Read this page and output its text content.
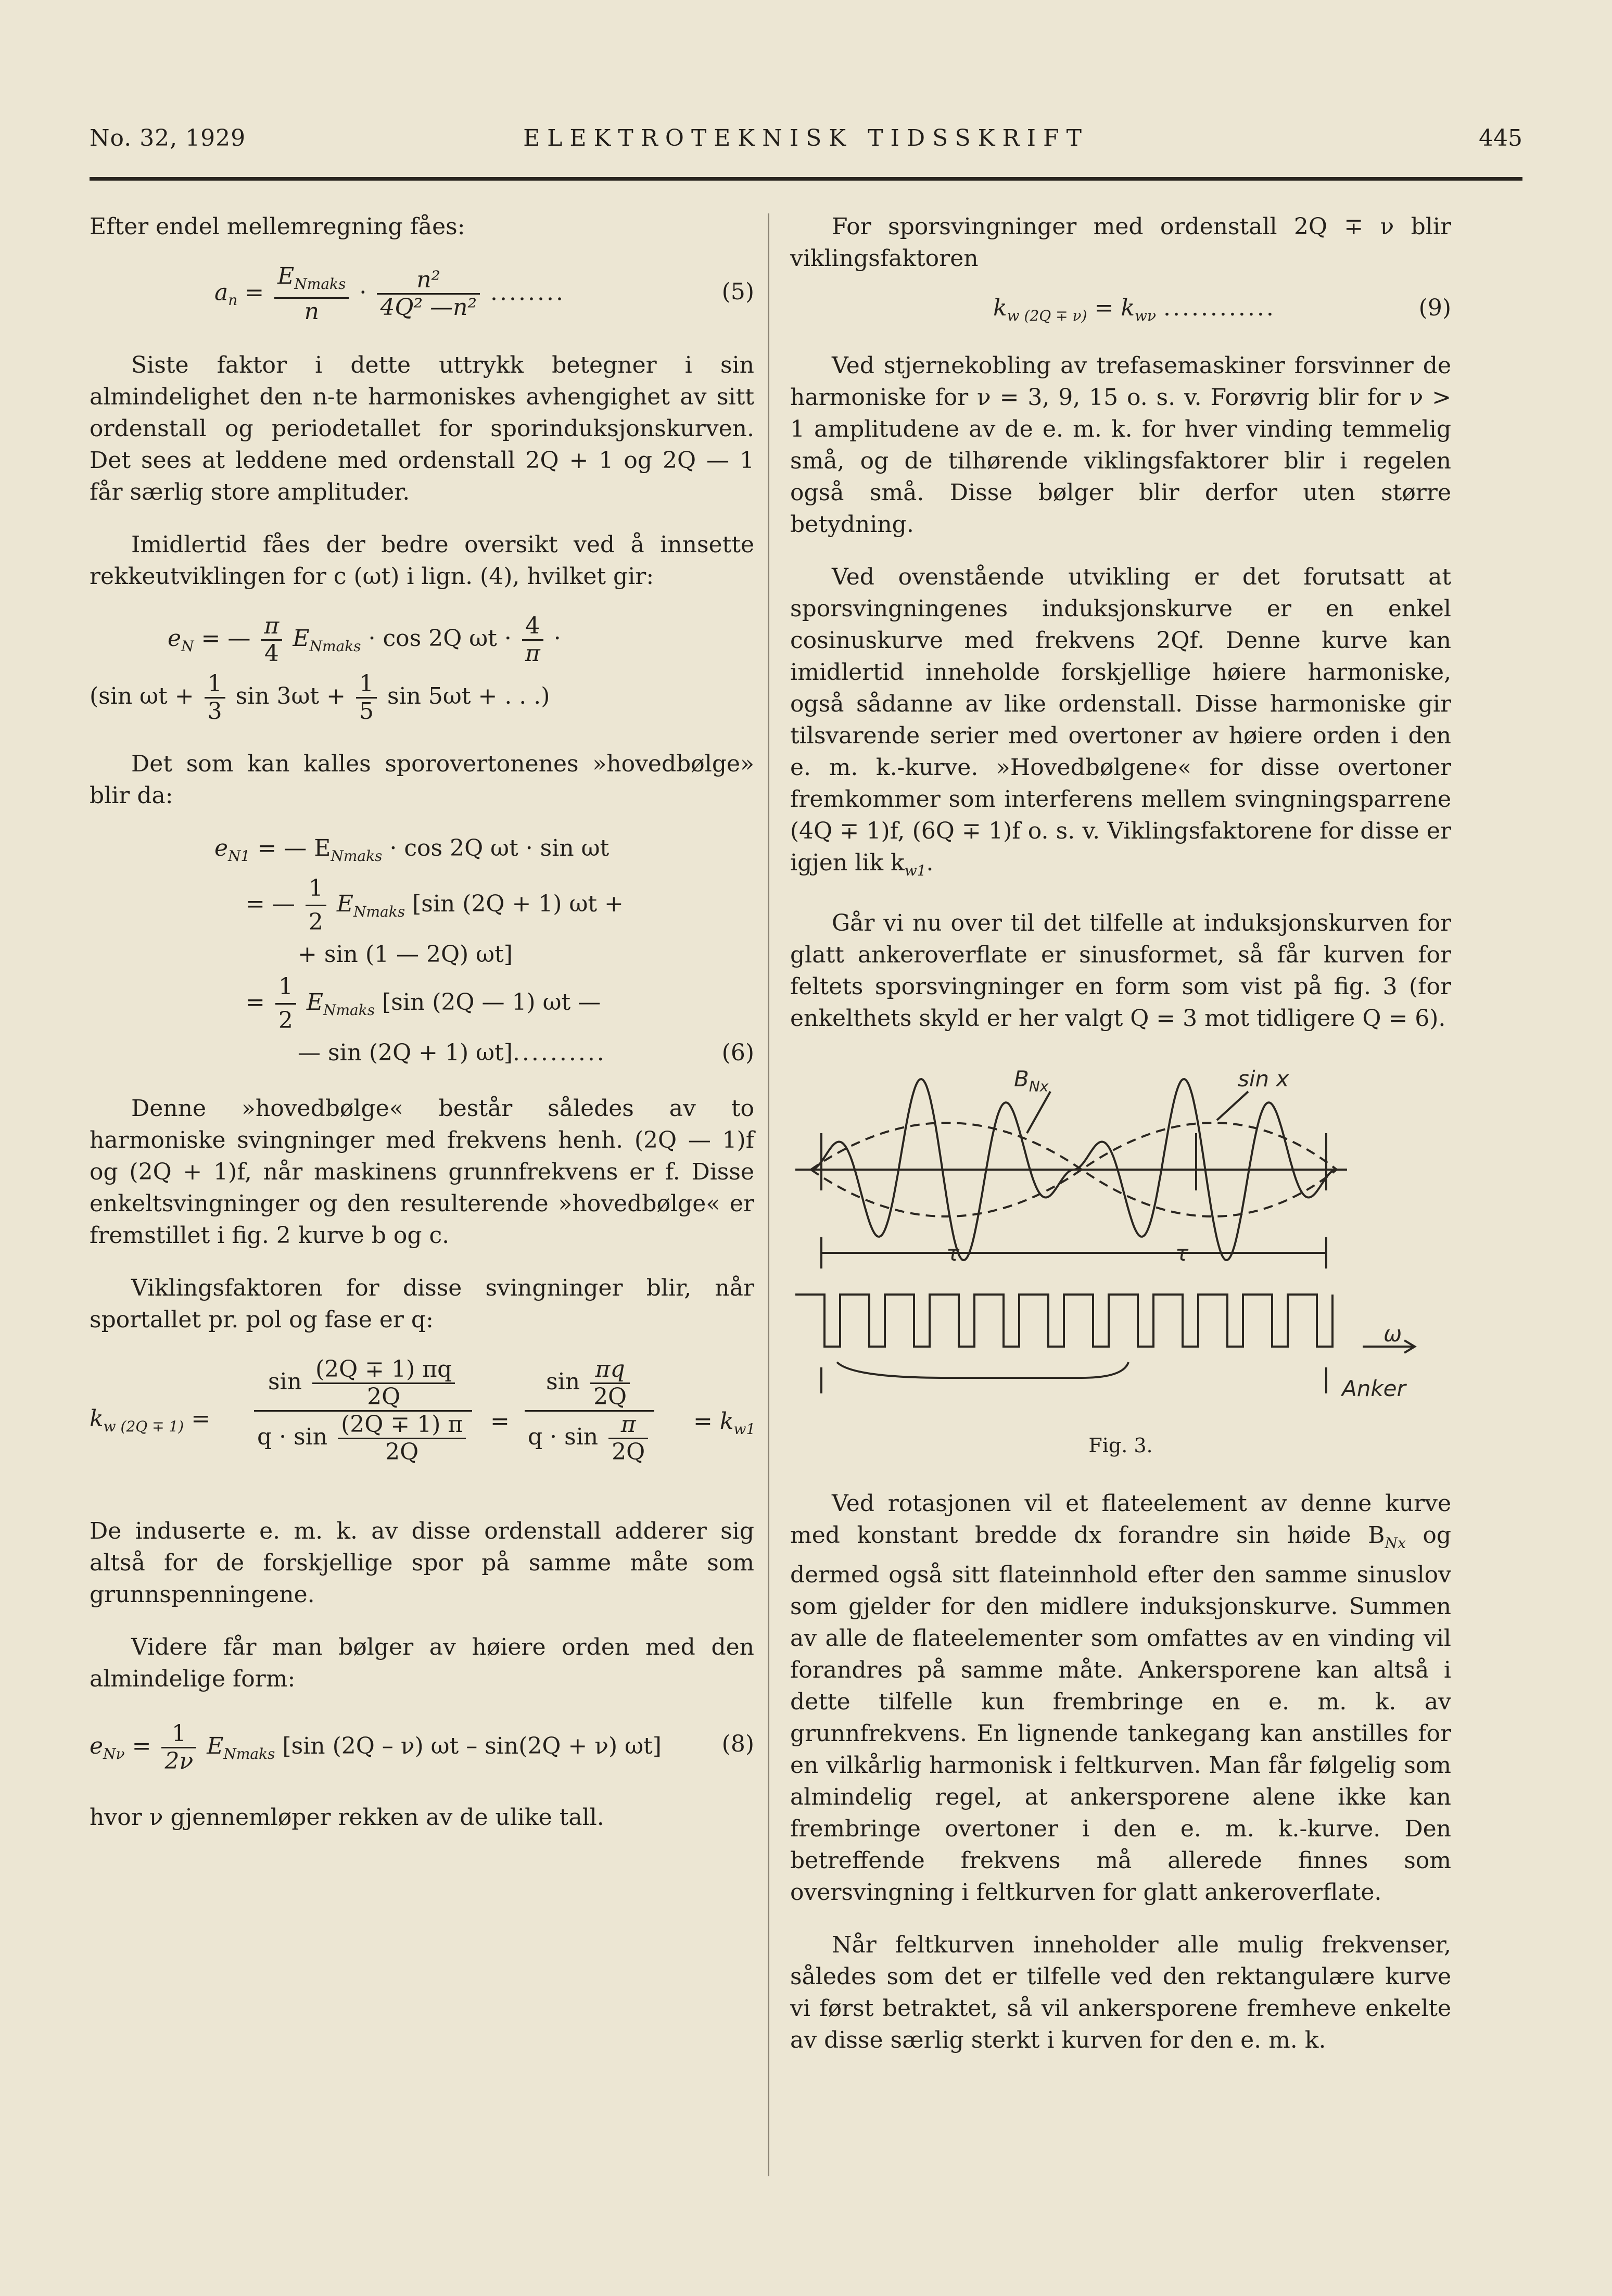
No. 32, 1929	ELEKTROTEKNISK TIDSSKRIFT	445

Efter endel mellemregning fåes:

$a_n = \frac{E_{Nmaks}}{n} \cdot \frac{\text{n²}}{\text{4Q² —n²}}$ ........	(5)

Siste faktor i dette uttrykk betegner i sin almindelighet den n-te harmoniskes avhengighet av sitt ordenstall og periodetallet for sporinduksjonskurven. Det sees at leddene med ordenstall 2Q + 1 og 2Q — 1 får særlig store amplituder.

Imidlertid fåes der bedre oversikt ved å innsette rekkeutviklingen for c (ωt) i lign. (4), hvilket gir:

$e_N$ = — $\frac{\pi}{4} E_{Nmaks} \cdot \cos 2Q$ $\omega t \cdot \frac{4}{\pi}$ ·
(sin $\omega t + \frac{1}{3}$ $\sin 3\omega t + \frac{1}{5}$ sin 5ωt + . . .)

Det som kan kalles sporovertonenes »hovedbølge» blir da:

$e_{N1}$ = — $E_{Nmaks} \cdot \cos 2Q$ ωt · sin ωt
= — $\frac{1}{2} E_{Nmaks}$ [sin (2Q + 1) ωt +
+ sin (1 — 2Q) ωt]
= $\frac{1}{2} E_{Nmaks}$ [sin (2Q — 1) ωt —
— sin (2Q + 1) ωt]..........	(6)

Denne »hovedbølge« består således av to harmoniske svingninger med frekvens henh. (2Q — 1)f og (2Q + 1)f, når maskinens grunnfrekvens er f. Disse enkeltsvingninger og den resulterende »hovedbølge« er fremstillet i fig. 2 kurve b og c.

Viklingsfaktoren for disse svingninger blir, når sportallet pr. pol og fase er q:

$k_{w (2Q \mp 1)} = \frac{\sin \frac{(2Q \mp 1) \pi q}{2Q}}{q \cdot \sin \frac{(2Q \mp 1) \pi}{2Q}} = \frac{\sin \frac{\pi q}{2Q}}{q \cdot \sin \frac{\pi}{2Q}} = k_{w1}$

De induserte e. m. k. av disse ordenstall adderer sig altså for de forskjellige spor på samme måte som grunnspenningene.

Videre får man bølger av høiere orden med den almindelige form:

$e_{N\nu} = \frac{1}{2\nu} E_{Nmaks}$ [sin (2Q – ν) ωt – sin(2Q + ν) ωt]	(8)

hvor ν gjennemløper rekken av de ulike tall.

For sporsvingninger med ordenstall 2Q ∓ ν blir viklingsfaktoren

$k_{w (2Q \mp \nu)} = k_{w\nu}$ ............	(9)

Ved stjernekobling av trefasemaskiner forsvinner de harmoniske for ν = 3, 9, 15 o. s. v. Forøvrig blir for ν > 1 amplitudene av de e. m. k. for hver vinding temmelig små, og de tilhørende viklingsfaktorer blir i regelen også små. Disse bølger blir derfor uten større betydning.

Ved ovenstående utvikling er det forutsatt at sporsvingningenes induksjonskurve er en enkel cosinuskurve med frekvens 2Qf. Denne kurve kan imidlertid inneholde forskjellige høiere harmoniske, også sådanne av like ordenstall. Disse harmoniske gir tilsvarende serier med overtoner av høiere orden i den e. m. k.-kurve. »Hovedbølgene« for disse overtoner fremkommer som interferens mellem svingningsparrene (4Q ∓ 1)f, (6Q ∓ 1)f o. s. v. Viklingsfaktorene for disse er igjen lik $k_{w1}$.

Går vi nu over til det tilfelle at induksjonskurven for glatt ankeroverflate er sinusformet, så får kurven for feltets sporsvingninger en form som vist på fig. 3 (for enkelthets skyld er her valgt Q = 3 mot tidligere Q = 6).

$B_{Nx}$	sin x
τ	τ
ω
Anker
Fig. 3.

Ved rotasjonen vil et flateelement av denne kurve med konstant bredde dx forandre sin høide $B_{Nx}$ og dermed også sitt flateinnhold efter den samme sinuslov som gjelder for den midlere induksjonskurve. Summen av alle de flateelementer som omfattes av en vinding vil forandres på samme måte. Ankersporene kan altså i dette tilfelle kun frembringe en e. m. k. av grunnfrekvens. En lignende tankegang kan anstilles for en vilkårlig harmonisk i feltkurven. Man får følgelig som almindelig regel, at ankersporene alene ikke kan frembringe overtoner i den e. m. k.-kurve. Den betreffende frekvens må allerede finnes som oversvingning i feltkurven for glatt ankeroverflate.

Når feltkurven inneholder alle mulig frekvenser, således som det er tilfelle ved den rektangulære kurve vi først betraktet, så vil ankersporene fremheve enkelte av disse særlig sterkt i kurven for den e. m. k.
